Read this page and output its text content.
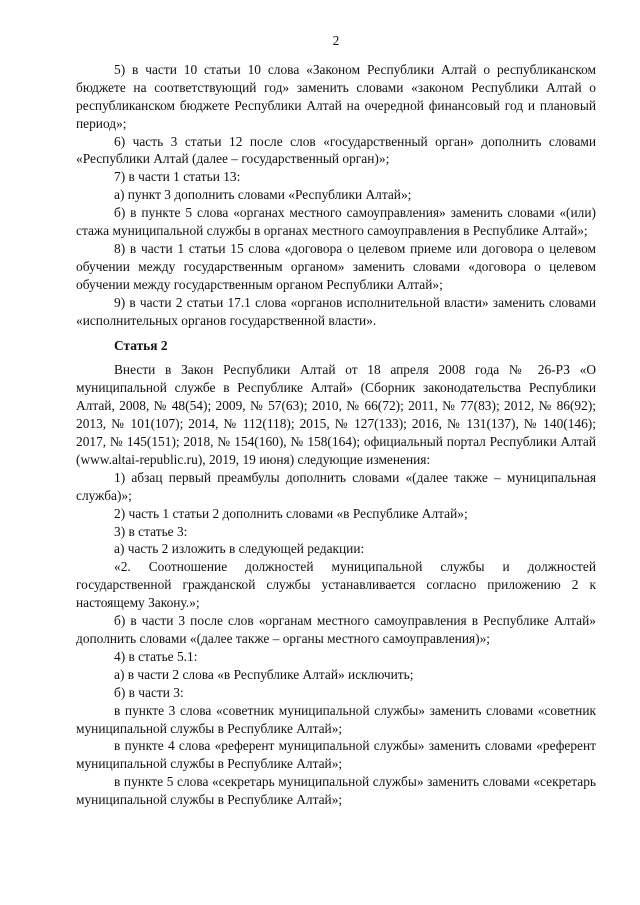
2

5) в части 10 статьи 10 слова «Законом Республики Алтай о республиканском бюджете на соответствующий год» заменить словами «законом Республики Алтай о республиканском бюджете Республики Алтай на очередной финансовый год и плановый период»;

6) часть 3 статьи 12 после слов «государственный орган» дополнить словами «Республики Алтай (далее – государственный орган)»;

7) в части 1 статьи 13:

а) пункт 3 дополнить словами «Республики Алтай»;

б) в пункте 5 слова «органах местного самоуправления» заменить словами «(или) стажа муниципальной службы в органах местного самоуправления в Республике Алтай»;

8) в части 1 статьи 15 слова «договора о целевом приеме или договора о целевом обучении между государственным органом» заменить словами «договора о целевом обучении между государственным органом Республики Алтай»;

9) в части 2 статьи 17.1 слова «органов исполнительной власти» заменить словами «исполнительных органов государственной власти».

Статья 2

Внести в Закон Республики Алтай от 18 апреля 2008 года № 26-РЗ «О муниципальной службе в Республике Алтай» (Сборник законодательства Республики Алтай, 2008, № 48(54); 2009, № 57(63); 2010, № 66(72); 2011, № 77(83); 2012, № 86(92); 2013, № 101(107); 2014, № 112(118); 2015, № 127(133); 2016, № 131(137), № 140(146); 2017, № 145(151); 2018, № 154(160), № 158(164); официальный портал Республики Алтай (www.altai-republic.ru), 2019, 19 июня) следующие изменения:

1) абзац первый преамбулы дополнить словами «(далее также – муниципальная служба)»;

2) часть 1 статьи 2 дополнить словами «в Республике Алтай»;

3) в статье 3:

а) часть 2 изложить в следующей редакции:

«2. Соотношение должностей муниципальной службы и должностей государственной гражданской службы устанавливается согласно приложению 2 к настоящему Закону.»;

б) в части 3 после слов «органам местного самоуправления в Республике Алтай» дополнить словами «(далее также – органы местного самоуправления)»;

4) в статье 5.1:

а) в части 2 слова «в Республике Алтай» исключить;

б) в части 3:

в пункте 3 слова «советник муниципальной службы» заменить словами «советник муниципальной службы в Республике Алтай»;

в пункте 4 слова «референт муниципальной службы» заменить словами «референт муниципальной службы в Республике Алтай»;

в пункте 5 слова «секретарь муниципальной службы» заменить словами «секретарь муниципальной службы в Республике Алтай»;
